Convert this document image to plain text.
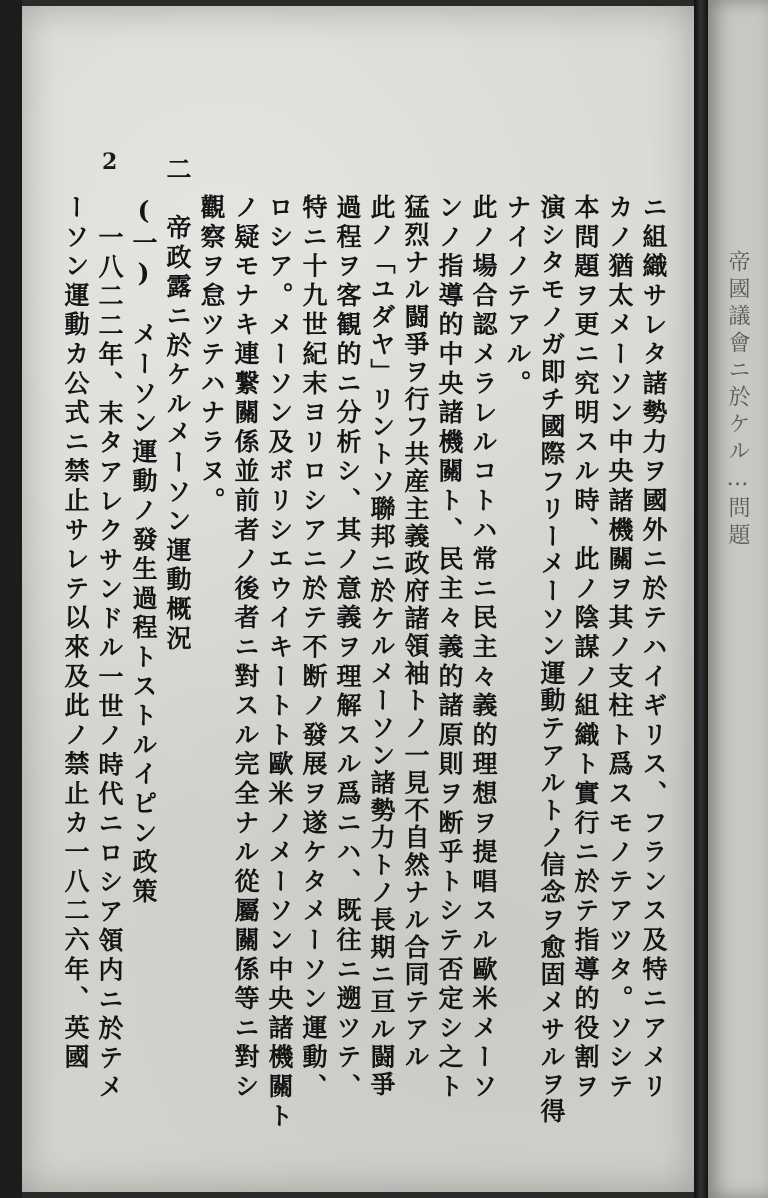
2
ニ組織サレタ諸勢力ヲ國外ニ於テハイギリス、フランス及特ニアメリ
カノ猶太メーソン中央諸機關ヲ其ノ支柱ト爲スモノテアツタ。ソシテ
本問題ヲ更ニ究明スル時、此ノ陰謀ノ組織ト實行ニ於テ指導的役割ヲ
演シタモノガ即チ國際フリーメーソン運動テアルトノ信念ヲ愈固メサルヲ得
ナイノテアル。
此ノ場合認メラレルコトハ常ニ民主々義的理想ヲ提唱スル歐米メーソ
ンノ指導的中央諸機關ト、民主々義的諸原則ヲ断乎トシテ否定シ之ト
猛烈ナル闘爭ヲ行フ共産主義政府諸領袖トノ一見不自然ナル合同テアル
此ノ「ユダヤ」リントソ聯邦ニ於ケルメーソン諸勢力トノ長期ニ亘ル闘爭
過程ヲ客観的ニ分析シ、其ノ意義ヲ理解スル爲ニハ、既往ニ遡ツテ、
特ニ十九世紀末ヨリロシアニ於テ不断ノ發展ヲ遂ケタメーソン運動、
ロシア。メーソン及ボリシエウイキートト歐米ノメーソン中央諸機關ト
ノ疑モナキ連繋關係並前者ノ後者ニ對スル完全ナル從屬關係等ニ對シ
觀察ヲ怠ツテハナラヌ。
二　帝政露ニ於ケルメーソン運動概況
(一)　メーソン運動ノ發生過程トストルイピン政策
一八二二年、末タアレクサンドル一世ノ時代ニロシア領内ニ於テメ
ーソン運動カ公式ニ禁止サレテ以來及此ノ禁止カ一八二六年、英國	帝國議會ニ於ケル…問題
